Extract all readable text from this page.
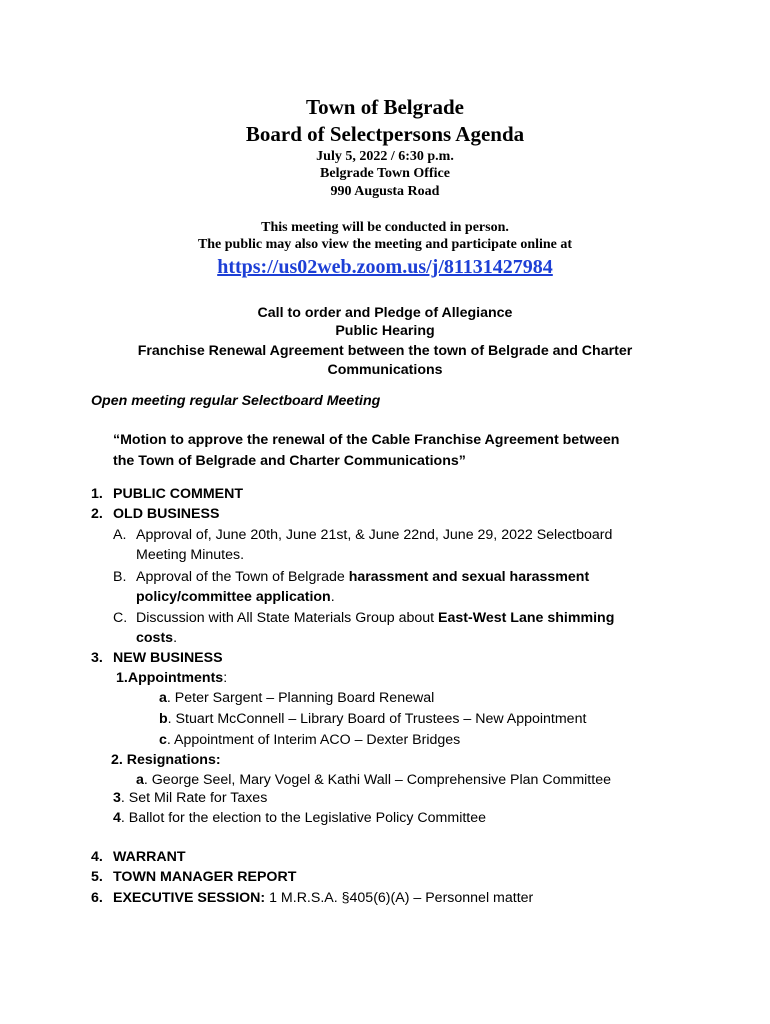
Town of Belgrade
Board of Selectpersons Agenda
July 5, 2022 / 6:30 p.m.
Belgrade Town Office
990 Augusta Road
This meeting will be conducted in person.
The public may also view the meeting and participate online at
https://us02web.zoom.us/j/81131427984
Call to order and Pledge of Allegiance
Public Hearing
Franchise Renewal Agreement between the town of Belgrade and Charter
Communications
Open meeting regular Selectboard Meeting
“Motion to approve the renewal of the Cable Franchise Agreement between
the Town of Belgrade and Charter Communications”
1. PUBLIC COMMENT
2. OLD BUSINESS
A. Approval of, June 20th, June 21st, & June 22nd, June 29, 2022 Selectboard
Meeting Minutes.
B. Approval of the Town of Belgrade harassment and sexual harassment
policy/committee application.
C. Discussion with All State Materials Group about East-West Lane shimming
costs.
3. NEW BUSINESS
1.Appointments:
a. Peter Sargent – Planning Board Renewal
b. Stuart McConnell – Library Board of Trustees – New Appointment
c. Appointment of Interim ACO – Dexter Bridges
2. Resignations:
a. George Seel, Mary Vogel & Kathi Wall – Comprehensive Plan Committee
3. Set Mil Rate for Taxes
4. Ballot for the election to the Legislative Policy Committee
4. WARRANT
5. TOWN MANAGER REPORT
6. EXECUTIVE SESSION: 1 M.R.S.A. §405(6)(A) – Personnel matter
